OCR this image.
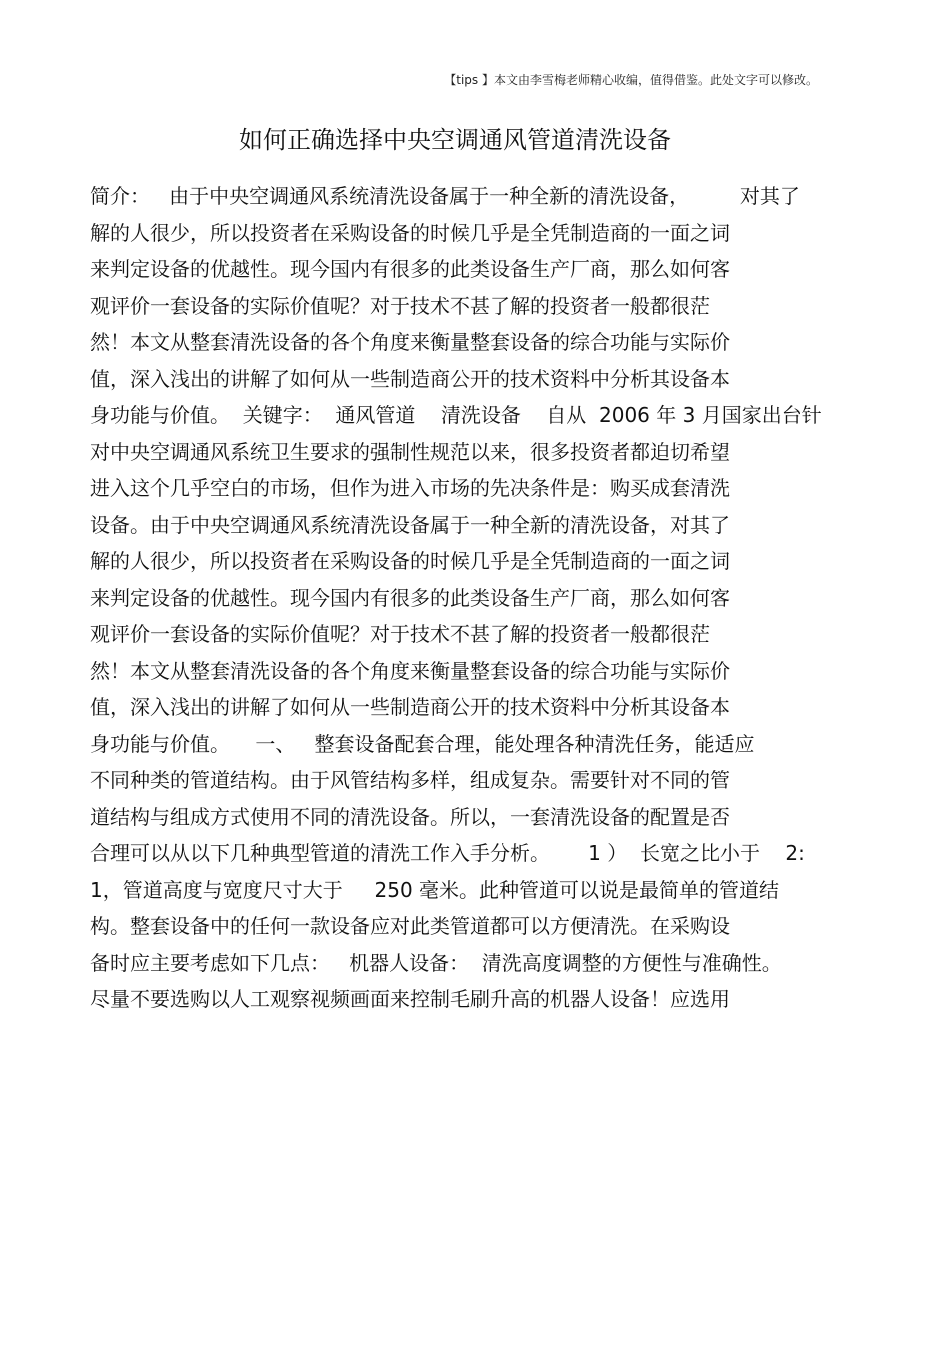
【tips 】本文由李雪梅老师精心收编，值得借鉴。此处文字可以修改。
如何正确选择中央空调通风管道清洗设备
简介：   由于中央空调通风系统清洗设备属于一种全新的清洗设备，        对其了
解的人很少，所以投资者在采购设备的时候几乎是全凭制造商的一面之词
来判定设备的优越性。现今国内有很多的此类设备生产厂商，那么如何客
观评价一套设备的实际价值呢？对于技术不甚了解的投资者一般都很茫
然！本文从整套清洗设备的各个角度来衡量整套设备的综合功能与实际价
值，深入浅出的讲解了如何从一些制造商公开的技术资料中分析其设备本
身功能与价值。  关键字：  通风管道    清洗设备    自从  2006 年 3 月国家出台针
对中央空调通风系统卫生要求的强制性规范以来，很多投资者都迫切希望
进入这个几乎空白的市场，但作为进入市场的先决条件是：购买成套清洗
设备。由于中央空调通风系统清洗设备属于一种全新的清洗设备，对其了
解的人很少，所以投资者在采购设备的时候几乎是全凭制造商的一面之词
来判定设备的优越性。现今国内有很多的此类设备生产厂商，那么如何客
观评价一套设备的实际价值呢？对于技术不甚了解的投资者一般都很茫
然！本文从整套清洗设备的各个角度来衡量整套设备的综合功能与实际价
值，深入浅出的讲解了如何从一些制造商公开的技术资料中分析其设备本
身功能与价值。    一、   整套设备配套合理，能处理各种清洗任务，能适应
不同种类的管道结构。由于风管结构多样，组成复杂。需要针对不同的管
道结构与组成方式使用不同的清洗设备。所以，一套清洗设备的配置是否
合理可以从以下几种典型管道的清洗工作入手分析。      1 ）  长宽之比小于    2:
1，管道高度与宽度尺寸大于     250 毫米。此种管道可以说是最简单的管道结
构。整套设备中的任何一款设备应对此类管道都可以方便清洗。在采购设
备时应主要考虑如下几点：   机器人设备：  清洗高度调整的方便性与准确性。
尽量不要选购以人工观察视频画面来控制毛刷升高的机器人设备！应选用
